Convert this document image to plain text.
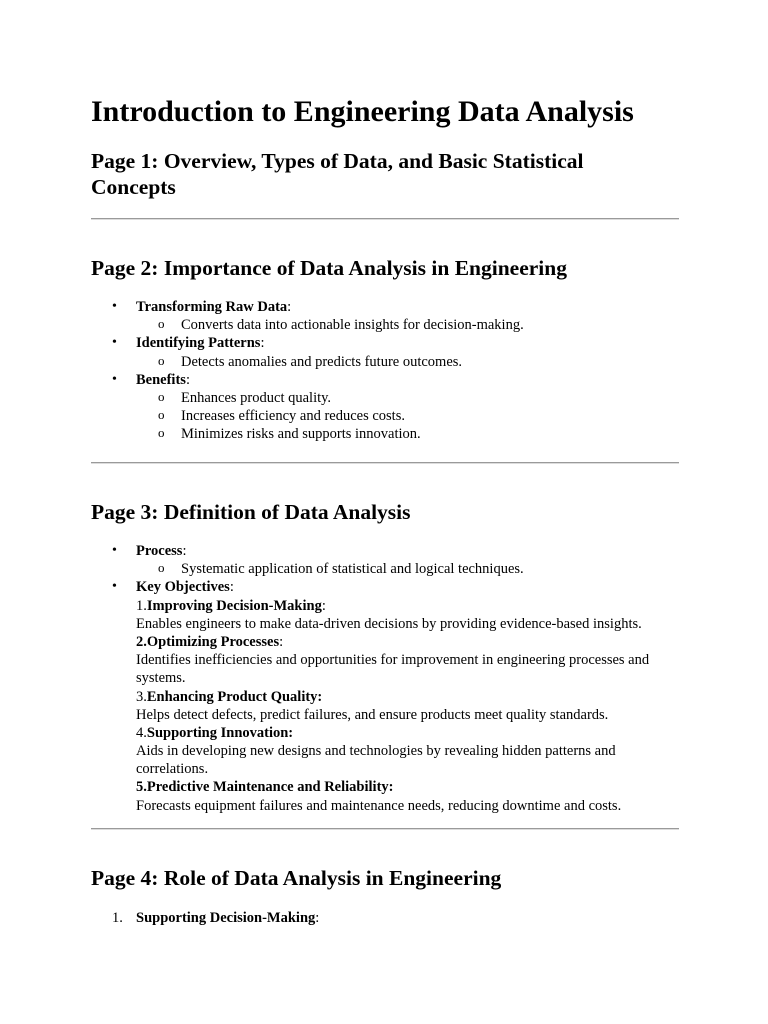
Introduction to Engineering Data Analysis
Page 1: Overview, Types of Data, and Basic Statistical
Concepts
Page 2: Importance of Data Analysis in Engineering
• Transforming Raw Data:
o Converts data into actionable insights for decision-making.
• Identifying Patterns:
o Detects anomalies and predicts future outcomes.
• Benefits:
o Enhances product quality.
o Increases efficiency and reduces costs.
o Minimizes risks and supports innovation.
Page 3: Definition of Data Analysis
• Process:
o Systematic application of statistical and logical techniques.
• Key Objectives:
1.Improving Decision-Making:
Enables engineers to make data-driven decisions by providing evidence-based insights.
2.Optimizing Processes:
Identifies inefficiencies and opportunities for improvement in engineering processes and
systems.
3.Enhancing Product Quality:
Helps detect defects, predict failures, and ensure products meet quality standards.
4.Supporting Innovation:
Aids in developing new designs and technologies by revealing hidden patterns and
correlations.
5.Predictive Maintenance and Reliability:
Forecasts equipment failures and maintenance needs, reducing downtime and costs.
Page 4: Role of Data Analysis in Engineering
1. Supporting Decision-Making:
